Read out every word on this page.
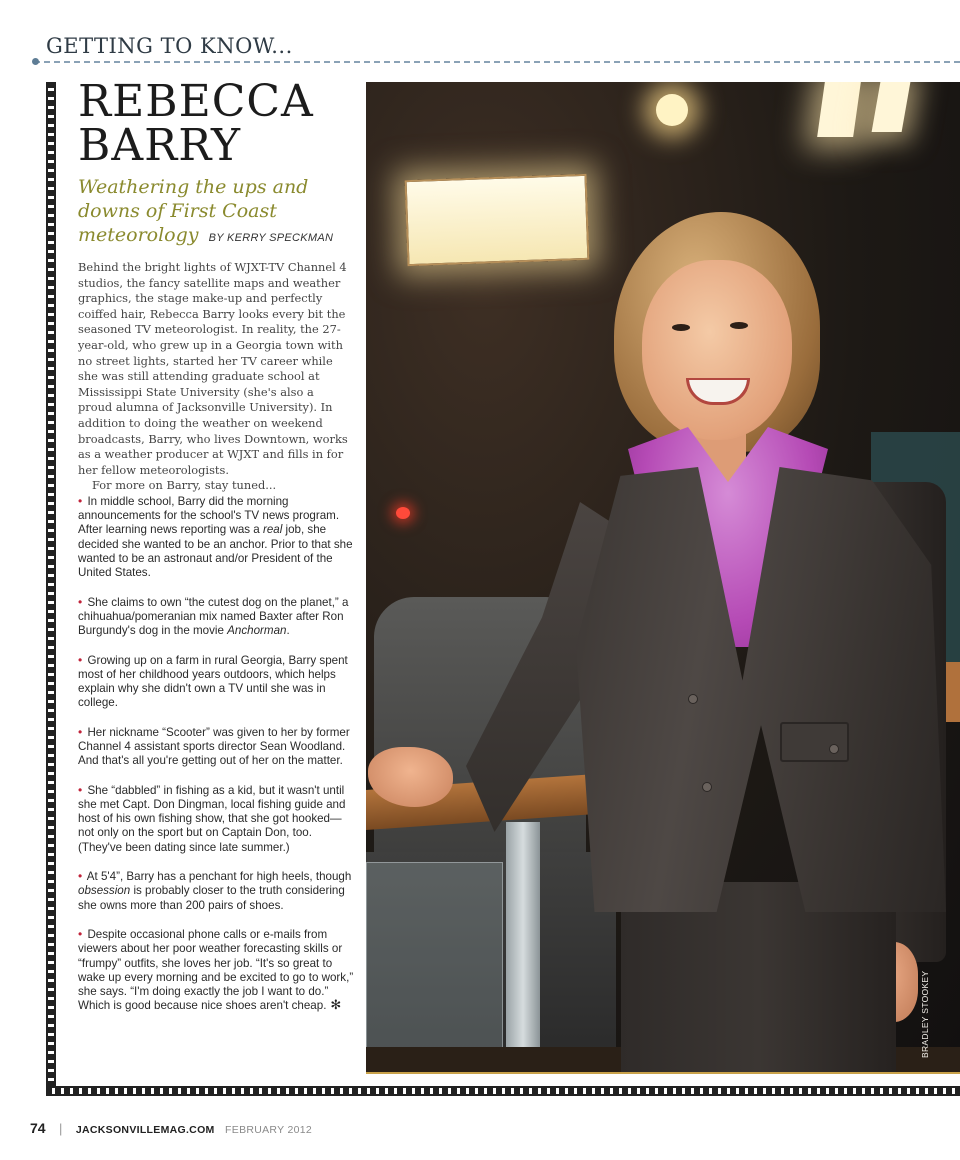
GETTING TO KNOW...
REBECCA
BARRY
Weathering the ups and downs of First Coast meteorology BY KERRY SPECKMAN

Behind the bright lights of WJXT-TV Channel 4 studios, the fancy satellite maps and weather graphics, the stage make-up and perfectly coiffed hair, Rebecca Barry looks every bit the seasoned TV meteorologist. In reality, the 27-year-old, who grew up in a Georgia town with no street lights, started her TV career while she was still attending graduate school at Mississippi State University (she's also a proud alumna of Jacksonville University). In addition to doing the weather on weekend broadcasts, Barry, who lives Downtown, works as a weather producer at WJXT and fills in for her fellow meteorologists.
For more on Barry, stay tuned...

• In middle school, Barry did the morning announcements for the school's TV news program. After learning news reporting was a real job, she decided she wanted to be an anchor. Prior to that she wanted to be an astronaut and/or President of the United States.
• She claims to own “the cutest dog on the planet,” a chihuahua/pomeranian mix named Baxter after Ron Burgundy's dog in the movie Anchorman.
• Growing up on a farm in rural Georgia, Barry spent most of her childhood years outdoors, which helps explain why she didn't own a TV until she was in college.
• Her nickname “Scooter” was given to her by former Channel 4 assistant sports director Sean Woodland. And that's all you're getting out of her on the matter.
• She “dabbled” in fishing as a kid, but it wasn't until she met Capt. Don Dingman, local fishing guide and host of his own fishing show, that she got hooked—not only on the sport but on Captain Don, too. (They've been dating since late summer.)
• At 5'4”, Barry has a penchant for high heels, though obsession is probably closer to the truth considering she owns more than 200 pairs of shoes.
• Despite occasional phone calls or e-mails from viewers about her poor weather forecasting skills or “frumpy” outfits, she loves her job. “It's so great to wake up every morning and be excited to go to work,” she says. “I'm doing exactly the job I want to do.” Which is good because nice shoes aren't cheap. ✻	BRADLEY STOOKEY
74 | JACKSONVILLEMAG.COM FEBRUARY 2012
